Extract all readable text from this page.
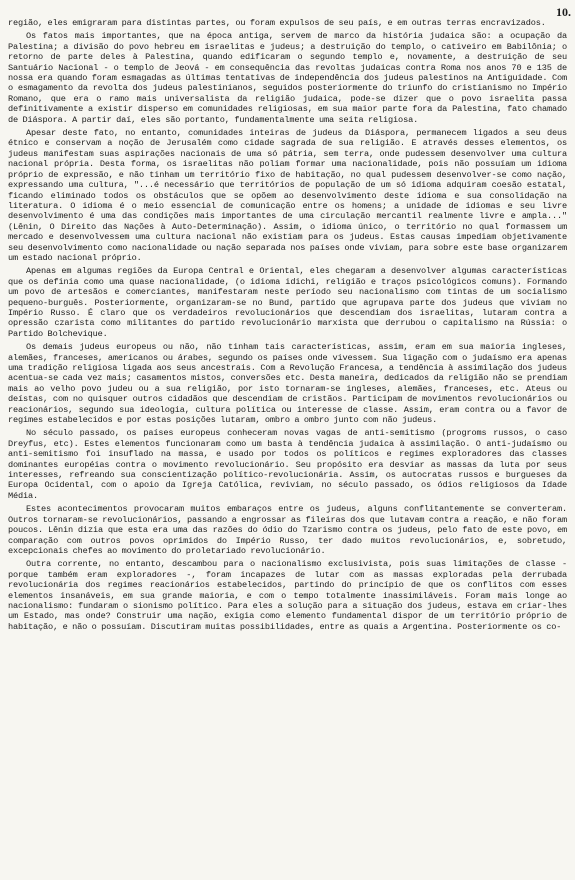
10.

região, eles emigraram para distintas partes, ou foram expulsos de seu país, e em outras terras encravizados.

Os fatos mais importantes, que na época antiga, servem de marco da história judaica são: a ocupação da Palestina; a divisão do povo hebreu em israelitas e judeus; a destruição do templo, o cativeiro em Babilônia; o retorno de parte deles à Palestina, quando edificaram o segundo templo e, novamente, a destruição de seu Santuário Nacional - o templo de Jeová - em consequência das revoltas judaicas contra Roma nos anos 70 e 135 de nossa era quando foram esmagadas as últimas tentativas de independência dos judeus palestinos na Antiguidade. Com o esmagamento da revolta dos judeus palestinianos, seguidos posteriormente do triunfo do cristianismo no Império Romano, que era o ramo mais universalista da religião judaica, pode-se dizer que o povo israelita passa definitivamente a existir disperso em comunidades religiosas, em sua maior parte fora da Palestina, fato chamado de Diáspora. A partir daí, eles são portanto, fundamentalmente uma seita religiosa.

Apesar deste fato, no entanto, comunidades inteiras de judeus da Diáspora, permanecem ligados a seu deus étnico e conservam a noção de Jerusalém como cidade sagrada de sua religião. E através desses elementos, os judeus manifestam suas aspirações nacionais de uma só pátria, sem terra, onde pudessem desenvolver uma cultura nacional própria. Desta forma, os israelitas não poliam formar uma nacionalidade, pois não possuíam um idioma próprio de expressão, e não tinham um território fixo de habitação, no qual pudessem desenvolver-se como nação, expressando uma cultura, "...é necessário que territórios de população de um só idioma adquiram coesão estatal, ficando eliminado todos os obstáculos que se opõem ao desenvolvimento deste idioma e sua consolidação na literatura. O idioma é o meio essencial de comunicação entre os homens; a unidade de idiomas e seu livre desenvolvimento é uma das condições mais importantes de uma circulação mercantil realmente livre e ampla..." (Lênin, O Direito das Nações à Auto-Determinação). Assim, o idioma único, o território no qual formassem um mercado e desenvolvessem uma cultura nacional não existiam para os judeus. Estas causas impediam objetivamente seu desenvolvimento como nacionalidade ou nação separada nos países onde viviam, para sobre este base organizarem um estado nacional próprio.

Apenas em algumas regiões da Europa Central e Oriental, eles chegaram a desenvolver algumas características que os definia como uma quase nacionalidade, (o idioma idichi, religião e traços psicológicos comuns). Formando um povo de artesãos e comerciantes, manifestaram neste período seu nacionalismo com tintas de um socialismo pequeno-burguês. Posteriormente, organizaram-se no Bund, partido que agrupava parte dos judeus que viviam no Império Russo. É claro que os verdadeiros revolucionários que descendiam dos israelitas, lutaram contra a opressão czarista como militantes do partido revolucionário marxista que derrubou o capitalismo na Rússia: o Partido Bolchevique.

Os demais judeus europeus ou não, não tinham tais características, assim, eram em sua maioria ingleses, alemães, franceses, americanos ou árabes, segundo os países onde vivessem. Sua ligação com o judaísmo era apenas uma tradição religiosa ligada aos seus ancestrais. Com a Revolução Francesa, a tendência à assimilação dos judeus acentua-se cada vez mais; casamentos mistos, conversões etc. Desta maneira, dedicados da religião não se prendiam mais ao velho povo judeu ou a sua religião, por isto tornaram-se ingleses, alemães, franceses, etc. Ateus ou deístas, com no quisquer outros cidadãos que descendiam de cristãos. Participam de movimentos revolucionários ou reacionários, segundo sua ideologia, cultura política ou interesse de classe. Assim, eram contra ou a favor de regimes estabelecidos e por estas posições lutaram, ombro a ombro junto com não judeus.

No século passado, os países europeus conheceram novas vagas de anti-semitismo (progroms russos, o caso Dreyfus, etc). Estes elementos funcionaram como um basta à tendência judaica à assimilação. O anti-judaísmo ou anti-semitismo foi insuflado na massa, e usado por todos os políticos e regimes exploradores das classes dominantes européias contra o movimento revolucionário. Seu propósito era desviar as massas da luta por seus interesses, refreando sua conscientização político-revolucionária. Assim, os autocratas russos e burgueses da Europa Ocidental, com o apoio da Igreja Católica, reviviam, no século passado, os ódios religiosos da Idade Média.

Estes acontecimentos provocaram muitos embaraços entre os judeus, alguns conflitantemente se converteram. Outros tornaram-se revolucionários, passando a engrossar as fileiras dos que lutavam contra a reação, e não foram poucos. Lênin dizia que esta era uma das razões do ódio do Tzarismo contra os judeus, pelo fato de este povo, em comparação com outros povos oprimidos do Império Russo, ter dado muitos revolucionários, e, sobretudo, excepcionais chefes ao movimento do proletariado revolucionário.

Outra corrente, no entanto, descambou para o nacionalismo exclusivista, pois suas limitações de classe - porque também eram exploradores -, foram incapazes de lutar com as massas exploradas pela derrubada revolucionária dos regimes reacionários estabelecidos, partindo do princípio de que os conflitos com esses elementos insanáveis, em sua grande maioria, e com o tempo totalmente inassimiláveis. Foram mais longe ao nacionalismo: fundaram o sionismo político. Para eles a solução para a situação dos judeus, estava em criar-lhes um Estado, mas onde? Construir uma nação, exigia como elemento fundamental dispor de um território próprio de habitação, e não o possuíam. Discutiram muitas possibilidades, entre as quais a Argentina. Posteriormente os co-
